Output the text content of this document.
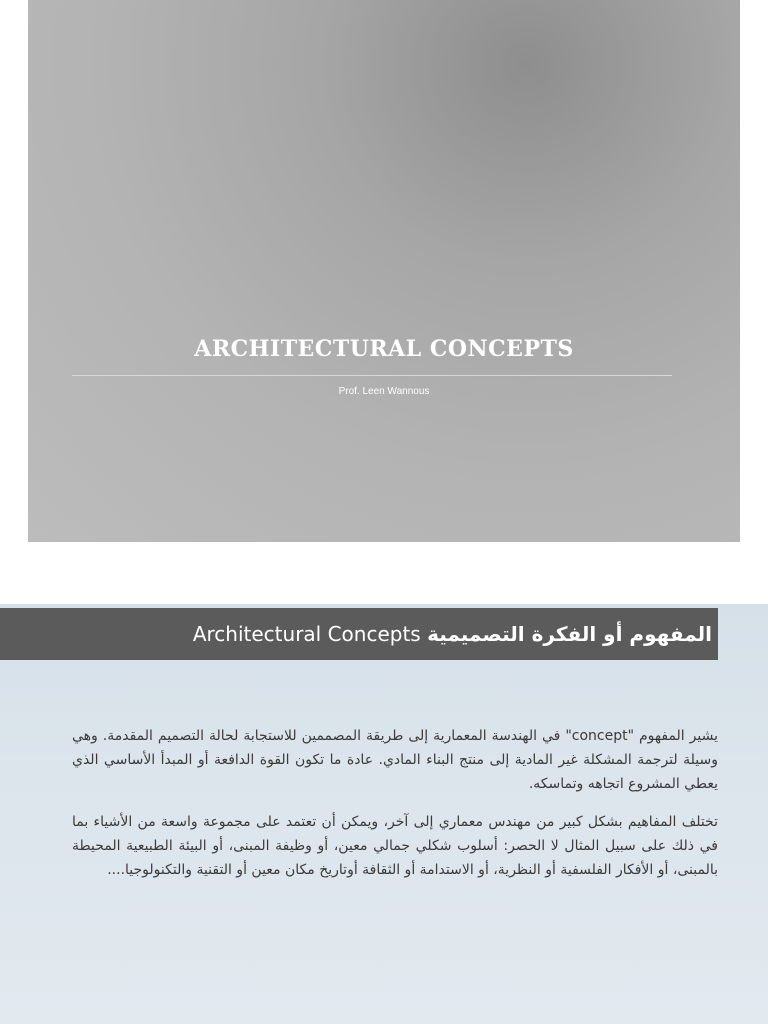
ARCHITECTURAL CONCEPTS
Prof. Leen Wannous
Architectural Concepts المفهوم أو الفكرة التصميمية

يشير المفهوم "concept" في الهندسة المعمارية إلى طريقة المصممين للاستجابة لحالة التصميم المقدمة. وهي وسيلة لترجمة المشكلة غير المادية إلى منتج البناء المادي. عادة ما تكون القوة الدافعة أو المبدأ الأساسي الذي يعطي المشروع اتجاهه وتماسكه.

تختلف المفاهيم بشكل كبير من مهندس معماري إلى آخر، ويمكن أن تعتمد على مجموعة واسعة من الأشياء بما في ذلك على سبيل المثال لا الحصر: أسلوب شكلي جمالي معين، أو وظيفة المبنى، أو البيئة الطبيعية المحيطة بالمبنى، أو الأفكار الفلسفية أو النظرية، أو الاستدامة أو الثقافة أوتاريخ مكان معين أو التقنية والتكنولوجيا....
